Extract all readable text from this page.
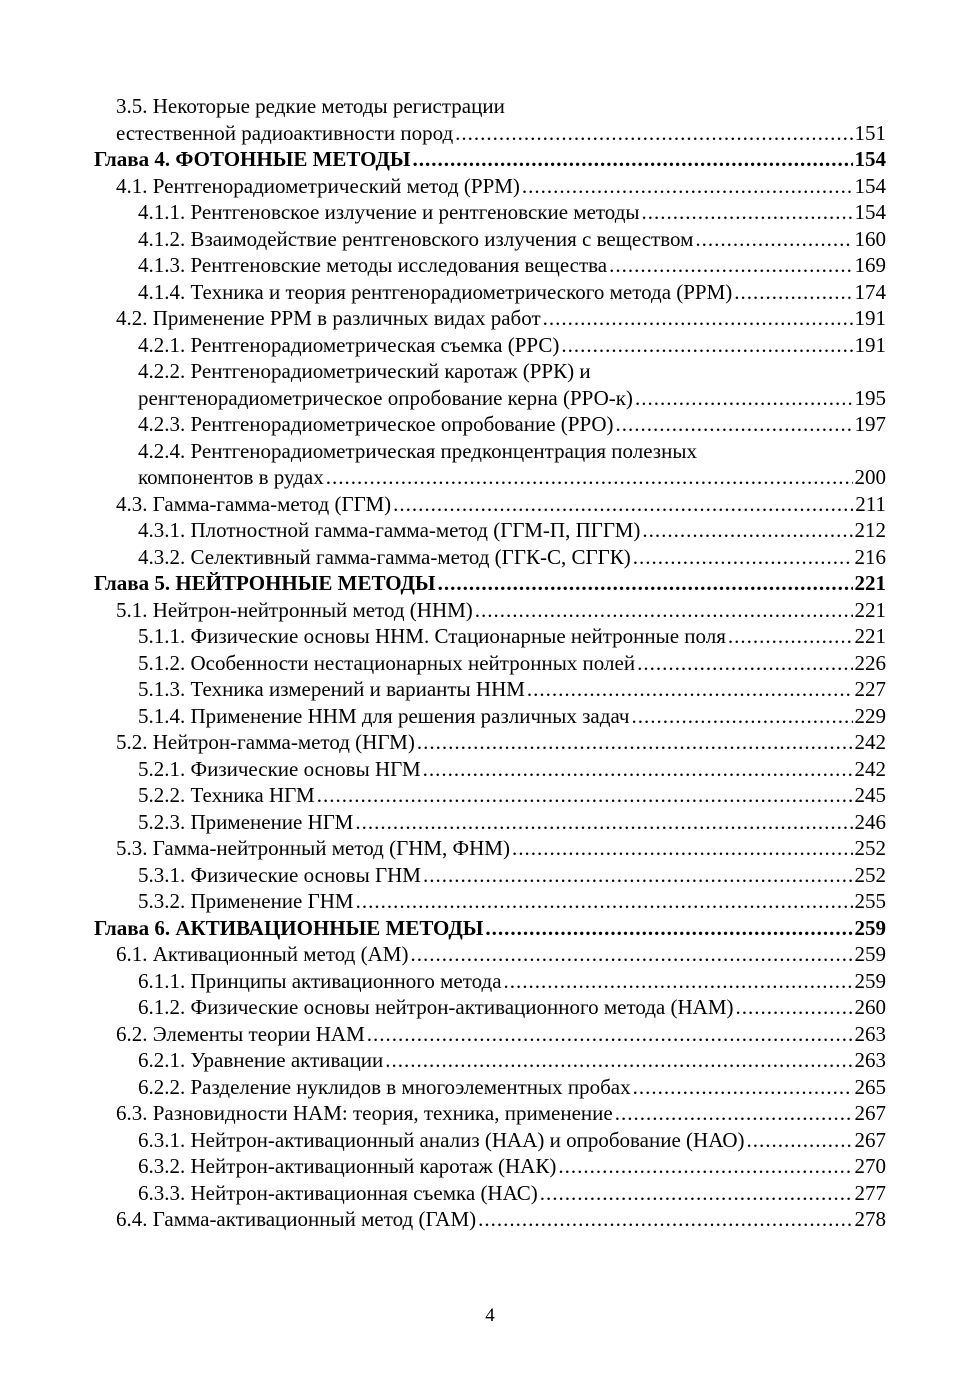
3.5. Некоторые редкие методы регистрации
естественной радиоактивности пород .....	151
Глава 4. ФОТОННЫЕ МЕТОДЫ .....	154
4.1. Рентгенорадиометрический метод (РРМ) .....	154
4.1.1. Рентгеновское излучение и рентгеновские методы .....	154
4.1.2. Взаимодействие рентгеновского излучения с веществом .....	160
4.1.3. Рентгеновские методы исследования вещества .....	169
4.1.4. Техника и теория рентгенорадиометрического метода (РРМ) .....	174
4.2. Применение РРМ в различных видах работ .....	191
4.2.1. Рентгенорадиометрическая съемка (РРС) .....	191
4.2.2. Рентгенорадиометрический каротаж (РРК) и
ренгтенорадиометрическое опробование керна (РРО-к) .....	195
4.2.3. Рентгенорадиометрическое опробование (РРО) .....	197
4.2.4. Рентгенорадиометрическая предконцентрация полезных
компонентов в рудах .....	200
4.3. Гамма-гамма-метод (ГГМ) .....	211
4.3.1. Плотностной гамма-гамма-метод (ГГМ-П, ПГГМ) .....	212
4.3.2. Селективный гамма-гамма-метод (ГГК-С, СГГК) .....	216
Глава 5. НЕЙТРОННЫЕ МЕТОДЫ .....	221
5.1. Нейтрон-нейтронный метод (ННМ) .....	221
5.1.1. Физические основы ННМ. Стационарные нейтронные поля .....	221
5.1.2. Особенности нестационарных нейтронных полей .....	226
5.1.3. Техника измерений и варианты ННМ .....	227
5.1.4. Применение ННМ для решения различных задач .....	229
5.2. Нейтрон-гамма-метод (НГМ) .....	242
5.2.1. Физические основы НГМ .....	242
5.2.2. Техника НГМ .....	245
5.2.3. Применение НГМ .....	246
5.3. Гамма-нейтронный метод (ГНМ, ФНМ) .....	252
5.3.1. Физические основы ГНМ .....	252
5.3.2. Применение ГНМ .....	255
Глава 6. АКТИВАЦИОННЫЕ МЕТОДЫ .....	259
6.1. Активационный метод (АМ) .....	259
6.1.1. Принципы активационного метода .....	259
6.1.2. Физические основы нейтрон-активационного метода (НАМ) .....	260
6.2. Элементы теории НАМ .....	263
6.2.1. Уравнение активации .....	263
6.2.2. Разделение нуклидов в многоэлементных пробах .....	265
6.3. Разновидности НАМ: теория, техника, применение .....	267
6.3.1. Нейтрон-активационный анализ (НАА) и опробование (НАО) .....	267
6.3.2. Нейтрон-активационный каротаж (НАК) .....	270
6.3.3. Нейтрон-активационная съемка (НАС) .....	277
6.4. Гамма-активационный метод (ГАМ) .....	278
4
